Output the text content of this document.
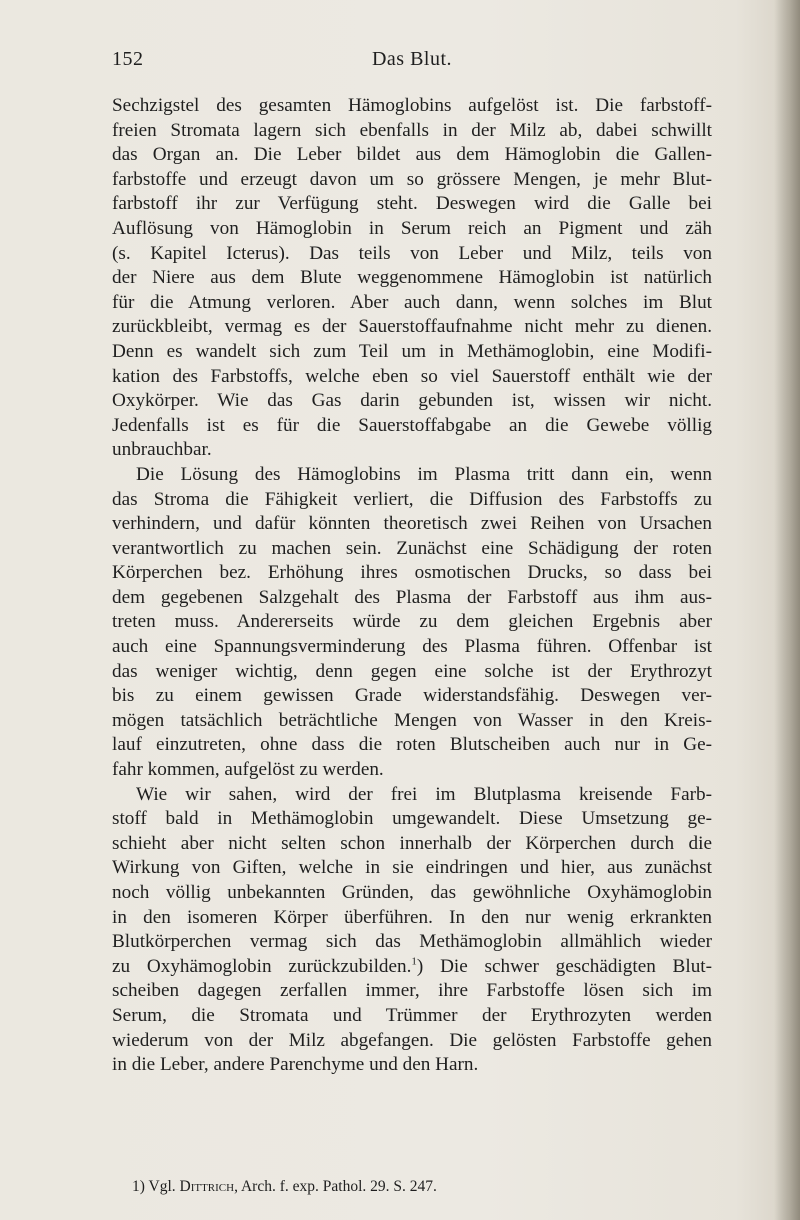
152	Das Blut.
Sechzigstel des gesamten Hämoglobins aufgelöst ist. Die farbstoff-
freien Stromata lagern sich ebenfalls in der Milz ab, dabei schwillt
das Organ an. Die Leber bildet aus dem Hämoglobin die Gallen-
farbstoffe und erzeugt davon um so grössere Mengen, je mehr Blut-
farbstoff ihr zur Verfügung steht. Deswegen wird die Galle bei
Auflösung von Hämoglobin in Serum reich an Pigment und zäh
(s. Kapitel Icterus). Das teils von Leber und Milz, teils von
der Niere aus dem Blute weggenommene Hämoglobin ist natürlich
für die Atmung verloren. Aber auch dann, wenn solches im Blut
zurückbleibt, vermag es der Sauerstoffaufnahme nicht mehr zu dienen.
Denn es wandelt sich zum Teil um in Methämoglobin, eine Modifi-
kation des Farbstoffs, welche eben so viel Sauerstoff enthält wie der
Oxykörper. Wie das Gas darin gebunden ist, wissen wir nicht.
Jedenfalls ist es für die Sauerstoffabgabe an die Gewebe völlig
unbrauchbar.
Die Lösung des Hämoglobins im Plasma tritt dann ein, wenn
das Stroma die Fähigkeit verliert, die Diffusion des Farbstoffs zu
verhindern, und dafür könnten theoretisch zwei Reihen von Ursachen
verantwortlich zu machen sein. Zunächst eine Schädigung der roten
Körperchen bez. Erhöhung ihres osmotischen Drucks, so dass bei
dem gegebenen Salzgehalt des Plasma der Farbstoff aus ihm aus-
treten muss. Andererseits würde zu dem gleichen Ergebnis aber
auch eine Spannungsverminderung des Plasma führen. Offenbar ist
das weniger wichtig, denn gegen eine solche ist der Erythrozyt
bis zu einem gewissen Grade widerstandsfähig. Deswegen ver-
mögen tatsächlich beträchtliche Mengen von Wasser in den Kreis-
lauf einzutreten, ohne dass die roten Blutscheiben auch nur in Ge-
fahr kommen, aufgelöst zu werden.
Wie wir sahen, wird der frei im Blutplasma kreisende Farb-
stoff bald in Methämoglobin umgewandelt. Diese Umsetzung ge-
schieht aber nicht selten schon innerhalb der Körperchen durch die
Wirkung von Giften, welche in sie eindringen und hier, aus zunächst
noch völlig unbekannten Gründen, das gewöhnliche Oxyhämoglobin
in den isomeren Körper überführen. In den nur wenig erkrankten
Blutkörperchen vermag sich das Methämoglobin allmählich wieder
zu Oxyhämoglobin zurückzubilden.$^1$) Die schwer geschädigten Blut-
scheiben dagegen zerfallen immer, ihre Farbstoffe lösen sich im
Serum, die Stromata und Trümmer der Erythrozyten werden
wiederum von der Milz abgefangen. Die gelösten Farbstoffe gehen
in die Leber, andere Parenchyme und den Harn.
1) Vgl. Dittrich, Arch. f. exp. Pathol. 29. S. 247.
